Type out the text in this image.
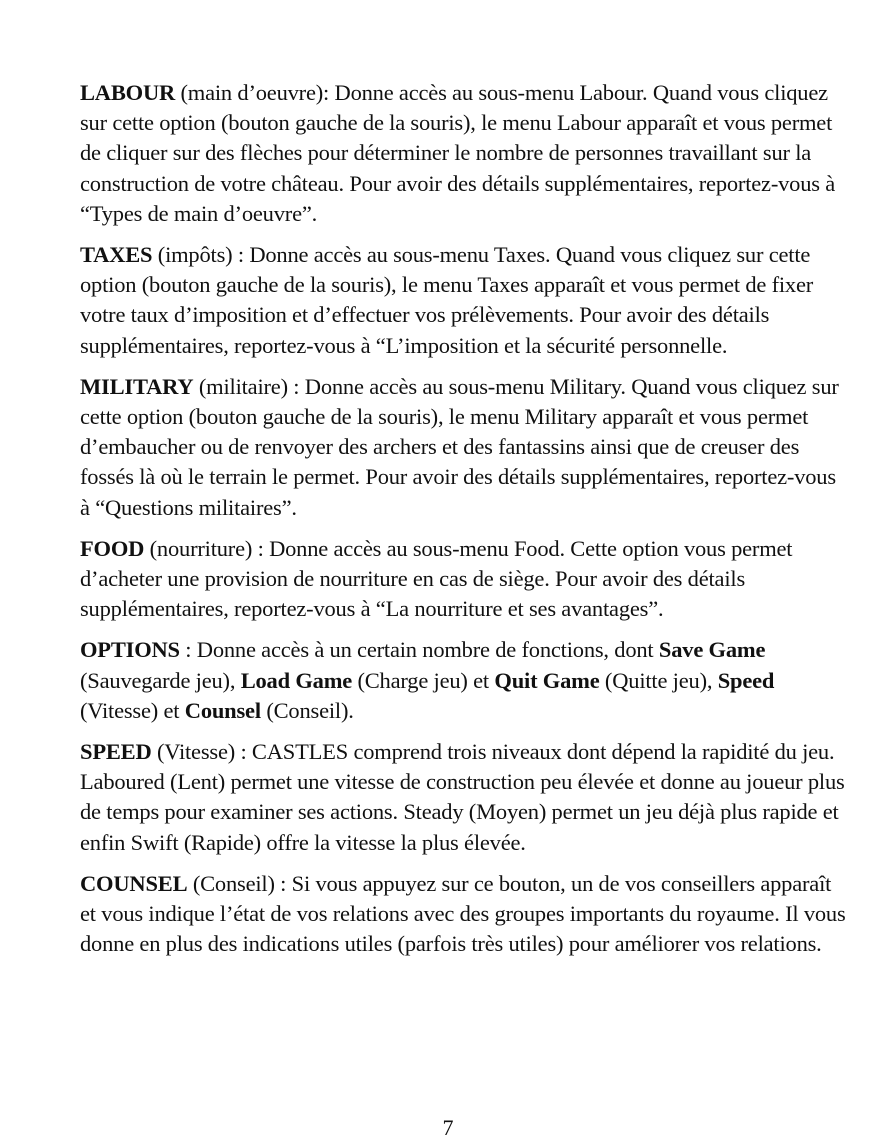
LABOUR (main d’oeuvre): Donne accès au sous-menu Labour. Quand vous cliquez sur cette option (bouton gauche de la souris), le menu Labour apparaît et vous permet de cliquer sur des flèches pour déterminer le nombre de personnes travaillant sur la construction de votre château. Pour avoir des détails supplémentaires, reportez-vous à “Types de main d’oeuvre”.

TAXES (impôts) : Donne accès au sous-menu Taxes. Quand vous cliquez sur cette option (bouton gauche de la souris), le menu Taxes apparaît et vous permet de fixer votre taux d’imposition et d’effectuer vos prélèvements. Pour avoir des détails supplémentaires, reportez-vous à “L’imposition et la sécurité personnelle.

MILITARY (militaire) : Donne accès au sous-menu Military. Quand vous cliquez sur cette option (bouton gauche de la souris), le menu Military apparaît et vous permet d’embaucher ou de renvoyer des archers et des fantassins ainsi que de creuser des fossés là où le terrain le permet. Pour avoir des détails supplémentaires, reportez-vous à “Questions militaires”.

FOOD (nourriture) : Donne accès au sous-menu Food. Cette option vous permet d’acheter une provision de nourriture en cas de siège. Pour avoir des détails supplémentaires, reportez-vous à “La nourriture et ses avantages”.

OPTIONS : Donne accès à un certain nombre de fonctions, dont Save Game (Sauvegarde jeu), Load Game (Charge jeu) et Quit Game (Quitte jeu), Speed (Vitesse) et Counsel (Conseil).

SPEED (Vitesse) : CASTLES comprend trois niveaux dont dépend la rapidité du jeu. Laboured (Lent) permet une vitesse de construction peu élevée et donne au joueur plus de temps pour examiner ses actions. Steady (Moyen) permet un jeu déjà plus rapide et enfin Swift (Rapide) offre la vitesse la plus élevée.

COUNSEL (Conseil) : Si vous appuyez sur ce bouton, un de vos conseillers apparaît et vous indique l’état de vos relations avec des groupes importants du royaume. Il vous donne en plus des indications utiles (parfois très utiles) pour améliorer vos relations.

7
